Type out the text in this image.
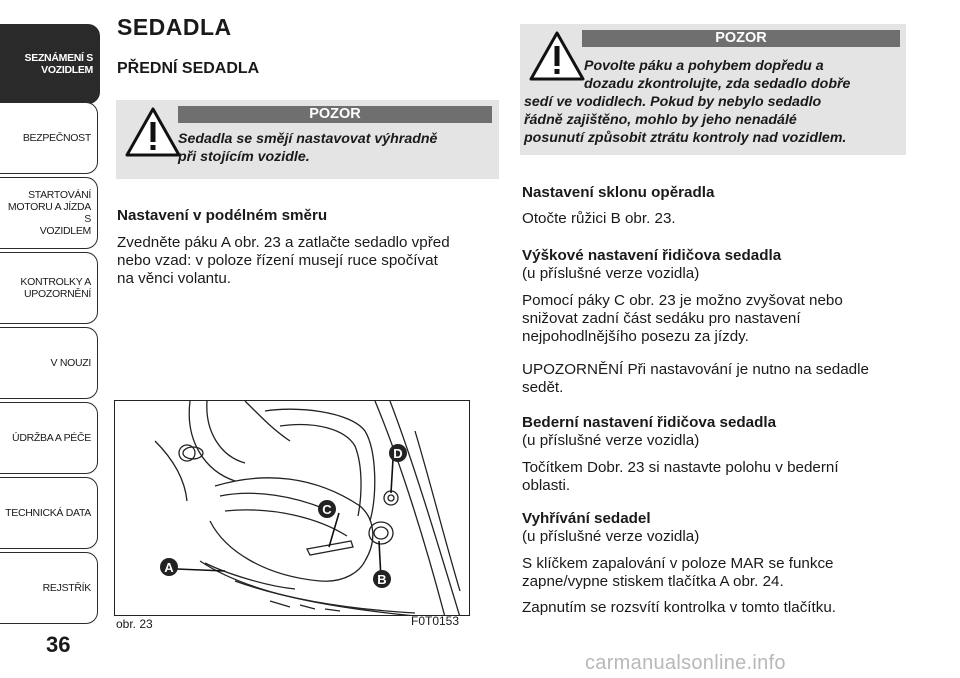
SEZNÁMENÍ S
VOZIDLEM
BEZPEČNOST
STARTOVÁNÍ
MOTORU A JÍZDA S
VOZIDLEM
KONTROLKY A
UPOZORNĚNÍ
V NOUZI
ÚDRŽBA A PÉČE
TECHNICKÁ DATA
REJSTŘÍK
36
SEDADLA
PŘEDNÍ SEDADLA
POZOR
Sedadla se smějí nastavovat výhradně
při stojícím vozidle.
Nastavení v podélném směru
Zvedněte páku A obr. 23 a zatlačte sedadlo vpřed
nebo vzad: v poloze řízení musejí ruce spočívat
na věnci volantu.
A
B
C
D
obr. 23	F0T0153
POZOR
Povolte páku a pohybem dopředu a
dozadu zkontrolujte, zda sedadlo dobře
sedí ve vodidlech. Pokud by nebylo sedadlo
řádně zajištěno, mohlo by jeho nenadálé
posunutí způsobit ztrátu kontroly nad vozidlem.
Nastavení sklonu opěradla
Otočte růžici B obr. 23.
Výškové nastavení řidičova sedadla
(u příslušné verze vozidla)
Pomocí páky C obr. 23 je možno zvyšovat nebo
snižovat zadní část sedáku pro nastavení
nejpohodlnějšího posezu za jízdy.
UPOZORNĚNÍ Při nastavování je nutno na sedadle
sedět.
Bederní nastavení řidičova sedadla
(u příslušné verze vozidla)
Točítkem Dobr. 23 si nastavte polohu v bederní
oblasti.
Vyhřívání sedadel
(u příslušné verze vozidla)
S klíčkem zapalování v poloze MAR se funkce
zapne/vypne stiskem tlačítka A obr. 24.
Zapnutím se rozsvítí kontrolka v tomto tlačítku.
carmanualsonline.info
